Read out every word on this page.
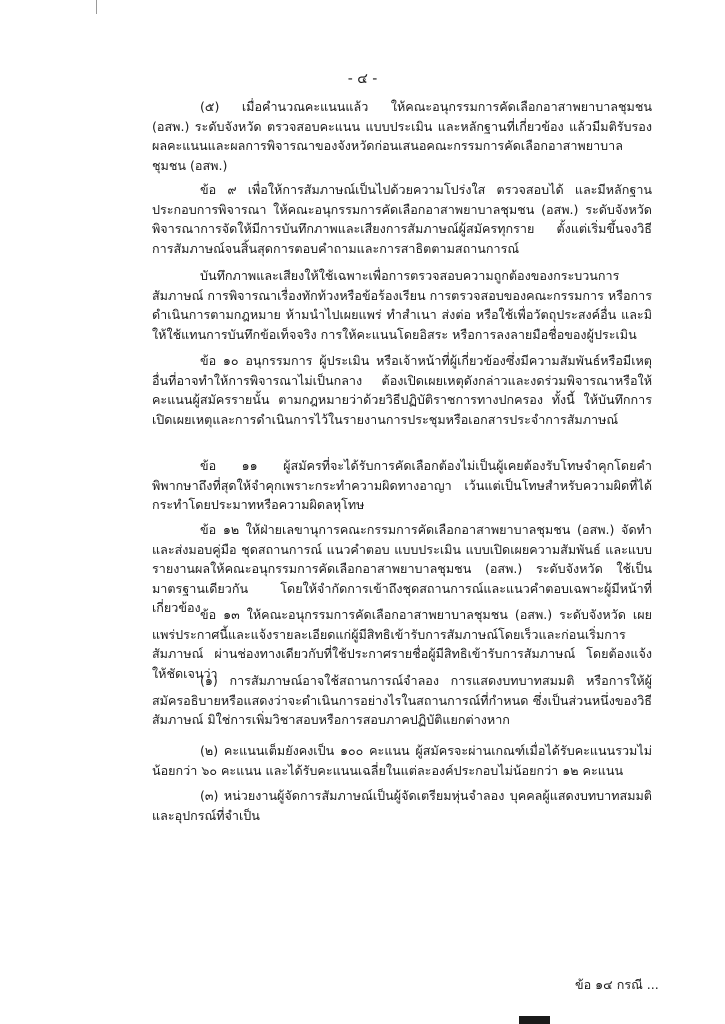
- ๔ -

(๕) เมื่อคำนวณคะแนนแล้ว ให้คณะอนุกรรมการคัดเลือกอาสาพยาบาลชุมชน (อสพ.) ระดับจังหวัด ตรวจสอบคะแนน แบบประเมิน และหลักฐานที่เกี่ยวข้อง แล้วมีมติรับรองผลคะแนนและผลการพิจารณาของจังหวัดก่อนเสนอคณะกรรมการคัดเลือกอาสาพยาบาลชุมชน (อสพ.)

ข้อ ๙ เพื่อให้การสัมภาษณ์เป็นไปด้วยความโปร่งใส ตรวจสอบได้ และมีหลักฐานประกอบการพิจารณา ให้คณะอนุกรรมการคัดเลือกอาสาพยาบาลชุมชน (อสพ.) ระดับจังหวัด พิจารณาการจัดให้มีการบันทึกภาพและเสียงการสัมภาษณ์ผู้สมัครทุกราย ตั้งแต่เริ่มขึ้นจงวิธีการสัมภาษณ์จนสิ้นสุดการตอบคำถามและการสาธิตตามสถานการณ์

บันทึกภาพและเสียงให้ใช้เฉพาะเพื่อการตรวจสอบความถูกต้องของกระบวนการสัมภาษณ์ การพิจารณาเรื่องทักท้วงหรือข้อร้องเรียน การตรวจสอบของคณะกรรมการ หรือการดำเนินการตามกฎหมาย ห้ามนำไปเผยแพร่ ทำสำเนา ส่งต่อ หรือใช้เพื่อวัตถุประสงค์อื่น และมิให้ใช้แทนการบันทึกข้อเท็จจริง การให้คะแนนโดยอิสระ หรือการลงลายมือชื่อของผู้ประเมิน

ข้อ ๑๐ อนุกรรมการ ผู้ประเมิน หรือเจ้าหน้าที่ผู้เกี่ยวข้องซึ่งมีความสัมพันธ์หรือมีเหตุอื่นที่อาจทำให้การพิจารณาไม่เป็นกลาง ต้องเปิดเผยเหตุดังกล่าวและงดร่วมพิจารณาหรือให้คะแนนผู้สมัครรายนั้น ตามกฎหมายว่าด้วยวิธีปฏิบัติราชการทางปกครอง ทั้งนี้ ให้บันทึกการเปิดเผยเหตุและการดำเนินการไว้ในรายงานการประชุมหรือเอกสารประจำการสัมภาษณ์

ข้อ ๑๑ ผู้สมัครที่จะได้รับการคัดเลือกต้องไม่เป็นผู้เคยต้องรับโทษจำคุกโดยคำพิพากษาถึงที่สุดให้จำคุกเพราะกระทำความผิดทางอาญา เว้นแต่เป็นโทษสำหรับความผิดที่ได้กระทำโดยประมาทหรือความผิดลหุโทษ

ข้อ ๑๒ ให้ฝ่ายเลขานุการคณะกรรมการคัดเลือกอาสาพยาบาลชุมชน (อสพ.) จัดทำและส่งมอบคู่มือ ชุดสถานการณ์ แนวคำตอบ แบบประเมิน แบบเปิดเผยความสัมพันธ์ และแบบรายงานผลให้คณะอนุกรรมการคัดเลือกอาสาพยาบาลชุมชน (อสพ.) ระดับจังหวัด ใช้เป็นมาตรฐานเดียวกัน โดยให้จำกัดการเข้าถึงชุดสถานการณ์และแนวคำตอบเฉพาะผู้มีหน้าที่เกี่ยวข้อง ข้อ ๑๓ ให้คณะอนุกรรมการคัดเลือกอาสาพยาบาลชุมชน (อสพ.) ระดับจังหวัด เผยแพร่ประกาศนี้และแจ้งรายละเอียดแก่ผู้มีสิทธิเข้ารับการสัมภาษณ์โดยเร็วและก่อนเริ่มการสัมภาษณ์ ผ่านช่องทางเดียวกับที่ใช้ประกาศรายชื่อผู้มีสิทธิเข้ารับการสัมภาษณ์ โดยต้องแจ้งให้ชัดเจนว่า

(๑) การสัมภาษณ์อาจใช้สถานการณ์จำลอง การแสดงบทบาทสมมติ หรือการให้ผู้สมัครอธิบายหรือแสดงว่าจะดำเนินการอย่างไรในสถานการณ์ที่กำหนด ซึ่งเป็นส่วนหนึ่งของวิธีสัมภาษณ์ มิใช่การเพิ่มวิชาสอบหรือการสอบภาคปฏิบัติแยกต่างหาก

(๒) คะแนนเต็มยังคงเป็น ๑๐๐ คะแนน ผู้สมัครจะผ่านเกณฑ์เมื่อได้รับคะแนนรวมไม่น้อยกว่า ๖๐ คะแนน และได้รับคะแนนเฉลี่ยในแต่ละองค์ประกอบไม่น้อยกว่า ๑๒ คะแนน

(๓) หน่วยงานผู้จัดการสัมภาษณ์เป็นผู้จัดเตรียมหุ่นจำลอง บุคคลผู้แสดงบทบาทสมมติและอุปกรณ์ที่จำเป็น

ข้อ ๑๔ กรณี ...
